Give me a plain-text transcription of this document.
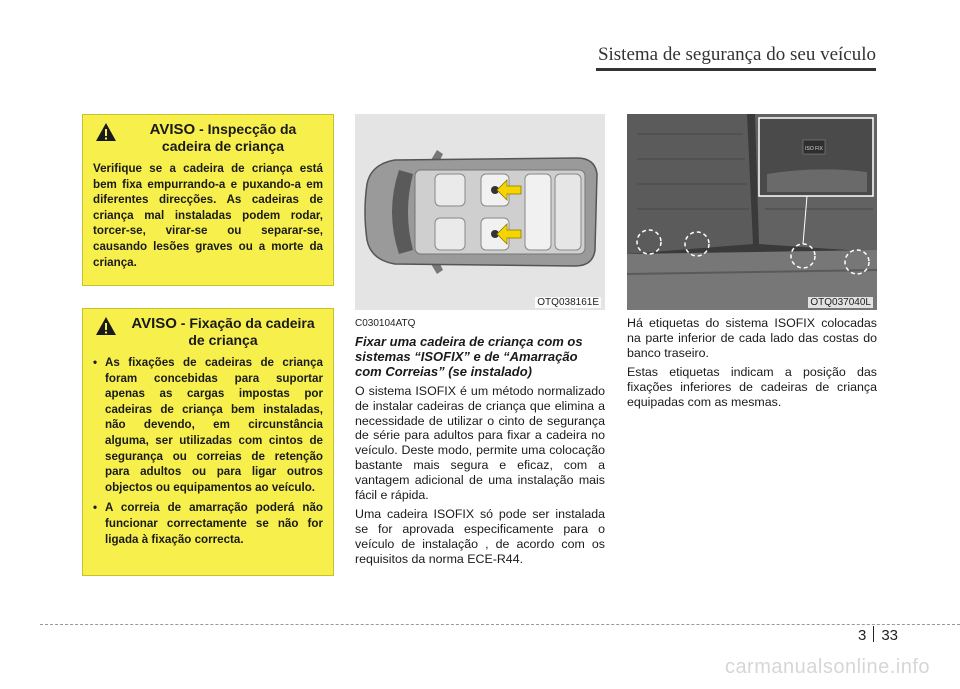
Sistema de segurança do seu veículo
AVISO - Inspecção da
cadeira de criança
Verifique se a cadeira de criança está bem fixa empurrando-a e puxando-a em diferentes direcções. As cadeiras de criança mal instaladas podem rodar, torcer-se, virar-se ou separar-se, causando lesões graves ou a morte da criança.
AVISO - Fixação da cadeira
de criança
• As fixações de cadeiras de criança foram concebidas para suportar apenas as cargas impostas por cadeiras de criança bem instaladas, não devendo, em circunstância alguma, ser utilizadas com cintos de segurança ou correias de retenção para adultos ou para ligar outros objectos ou equipamentos ao veículo.
• A correia de amarração poderá não funcionar correctamente se não for ligada à fixação correcta.
OTQ038161E
ISO FIX
OTQ037040L
C030104ATQ
Fixar uma cadeira de criança com os sistemas “ISOFIX” e de “Amarração com Correias” (se instalado)

O sistema ISOFIX é um método normalizado de instalar cadeiras de criança que elimina a necessidade de utilizar o cinto de segurança de série para adultos para fixar a cadeira no veículo. Deste modo, permite uma colocação bastante mais segura e eficaz, com a vantagem adicional de uma instalação mais fácil e rápida.

Uma cadeira ISOFIX só pode ser instalada se for aprovada especificamente para o veículo de instalação , de acordo com os requisitos da norma ECE-R44.

Há etiquetas do sistema ISOFIX colocadas na parte inferior de cada lado das costas do banco traseiro.

Estas etiquetas indicam a posição das fixações inferiores de cadeiras de criança equipadas com as mesmas.

3 33
carmanualsonline.info
